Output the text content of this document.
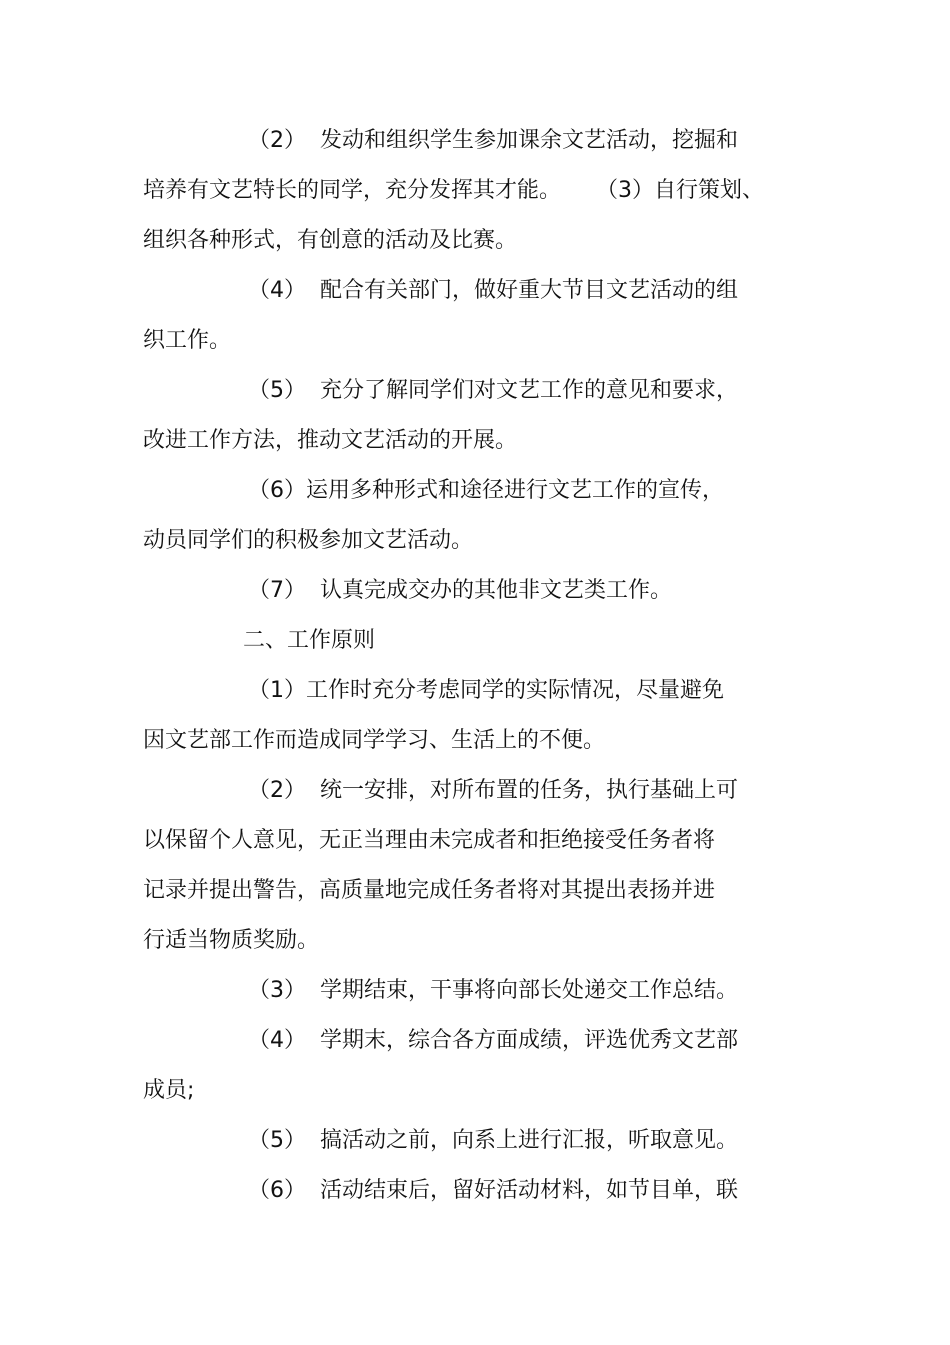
（2）  发动和组织学生参加课余文艺活动，挖掘和
培养有文艺特长的同学，充分发挥其才能。     （3）自行策划、
组织各种形式，有创意的活动及比赛。
（4）  配合有关部门，做好重大节目文艺活动的组
织工作。
（5）  充分了解同学们对文艺工作的意见和要求，
改进工作方法，推动文艺活动的开展。
（6）运用多种形式和途径进行文艺工作的宣传，
动员同学们的积极参加文艺活动。
（7）  认真完成交办的其他非文艺类工作。
二、工作原则
（1）工作时充分考虑同学的实际情况，尽量避免
因文艺部工作而造成同学学习、生活上的不便。
（2）  统一安排，对所布置的任务，执行基础上可
以保留个人意见，无正当理由未完成者和拒绝接受任务者将
记录并提出警告，高质量地完成任务者将对其提出表扬并进
行适当物质奖励。
（3）  学期结束，干事将向部长处递交工作总结。
（4）  学期末，综合各方面成绩，评选优秀文艺部
成员;
（5）  搞活动之前，向系上进行汇报，听取意见。
（6）  活动结束后，留好活动材料，如节目单，联
